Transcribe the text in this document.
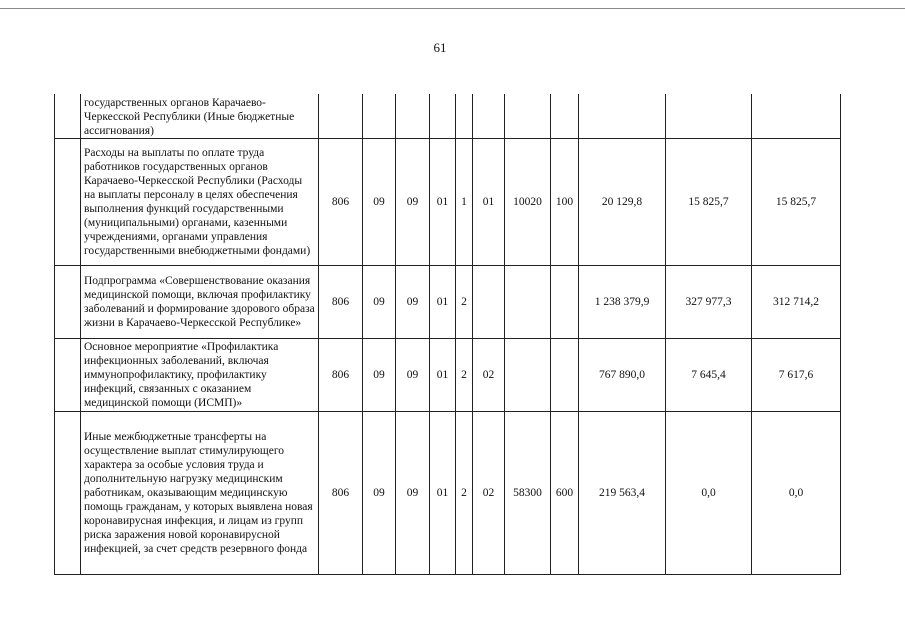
61
	государственных органов Карачаево-Черкесской Республики (Иные бюджетные ассигнования)											
	Расходы на выплаты по оплате труда работников государственных органов Карачаево-Черкесской Республики (Расходы на выплаты персоналу в целях обеспечения выполнения функций государственными (муниципальными) органами, казенными учреждениями, органами управления государственными внебюджетными фондами)	806	09	09	01	1	01	10020	100	20 129,8	15 825,7	15 825,7
	Подпрограмма «Совершенствование оказания медицинской помощи, включая профилактику заболеваний и формирование здорового образа жизни в Карачаево-Черкесской Республике»	806	09	09	01	2				1 238 379,9	327 977,3	312 714,2
	Основное мероприятие «Профилактика инфекционных заболеваний, включая иммунопрофилактику, профилактику инфекций, связанных с оказанием медицинской помощи (ИСМП)»	806	09	09	01	2	02			767 890,0	7 645,4	7 617,6
	Иные межбюджетные трансферты на осуществление выплат стимулирующего характера за особые условия труда и дополнительную нагрузку медицинским работникам, оказывающим медицинскую помощь гражданам, у которых выявлена новая коронавирусная инфекция, и лицам из групп риска заражения новой коронавирусной инфекцией, за счет средств резервного фонда	806	09	09	01	2	02	58300	600	219 563,4	0,0	0,0
